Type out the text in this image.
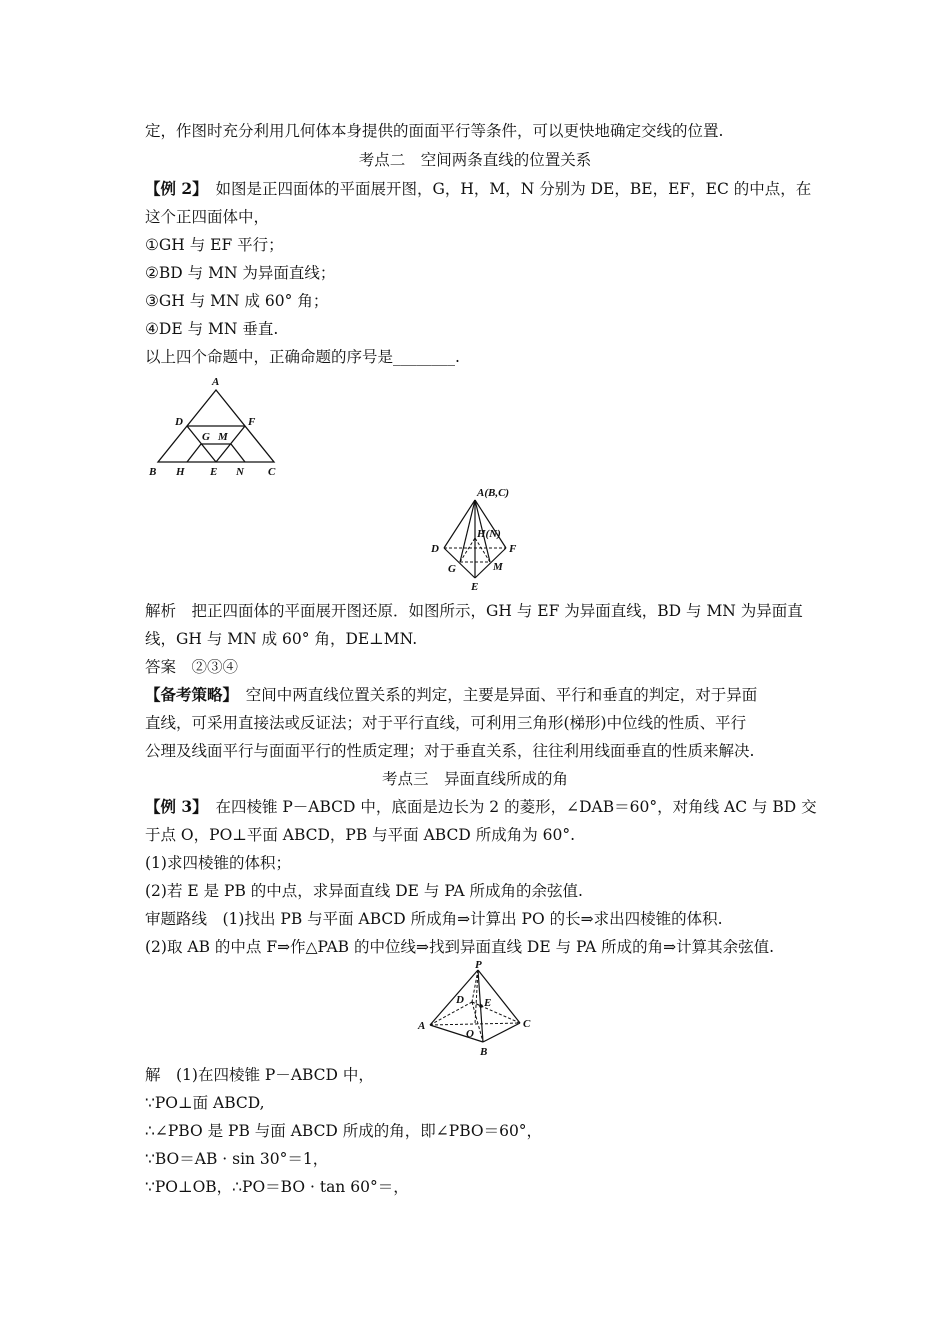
定，作图时充分利用几何体本身提供的面面平行等条件，可以更快地确定交线的位置.
考点二　空间两条直线的位置关系
【例 2】　如图是正四面体的平面展开图，G，H，M，N 分别为 DE，BE，EF，EC 的中点，在
这个正四面体中，
①GH 与 EF 平行；
②BD 与 MN 为异面直线；
③GH 与 MN 成 60° 角；
④DE 与 MN 垂直.
以上四个命题中，正确命题的序号是________.
A
D	F
G M
B H E N C
A(B,C)
H(N)
D	F
G	M
E
解析　把正四面体的平面展开图还原．如图所示，GH 与 EF 为异面直线，BD 与 MN 为异面直
线，GH 与 MN 成 60° 角，DE⊥MN.
答案　②③④
【备考策略】　空间中两直线位置关系的判定，主要是异面、平行和垂直的判定，对于异面
直线，可采用直接法或反证法；对于平行直线，可利用三角形(梯形)中位线的性质、平行
公理及线面平行与面面平行的性质定理；对于垂直关系，往往利用线面垂直的性质来解决.
考点三　异面直线所成的角
【例 3】　在四棱锥 P－ABCD 中，底面是边长为 2 的菱形，∠DAB＝60°，对角线 AC 与 BD 交
于点 O，PO⊥平面 ABCD，PB 与平面 ABCD 所成角为 60°.
(1)求四棱锥的体积；
(2)若 E 是 PB 的中点，求异面直线 DE 与 PA 所成角的余弦值.
审题路线　(1)找出 PB 与平面 ABCD 所成角⇒计算出 PO 的长⇒求出四棱锥的体积.
(2)取 AB 的中点 F⇒作△PAB 的中位线⇒找到异面直线 DE 与 PA 所成的角⇒计算其余弦值.
P
D E
O
A	C
B
解　(1)在四棱锥 P－ABCD 中，
∵PO⊥面 ABCD,
∴∠PBO 是 PB 与面 ABCD 所成的角，即∠PBO＝60°，
∵BO＝AB · sin 30°＝1，
∵PO⊥OB，∴PO＝BO · tan 60°＝，
